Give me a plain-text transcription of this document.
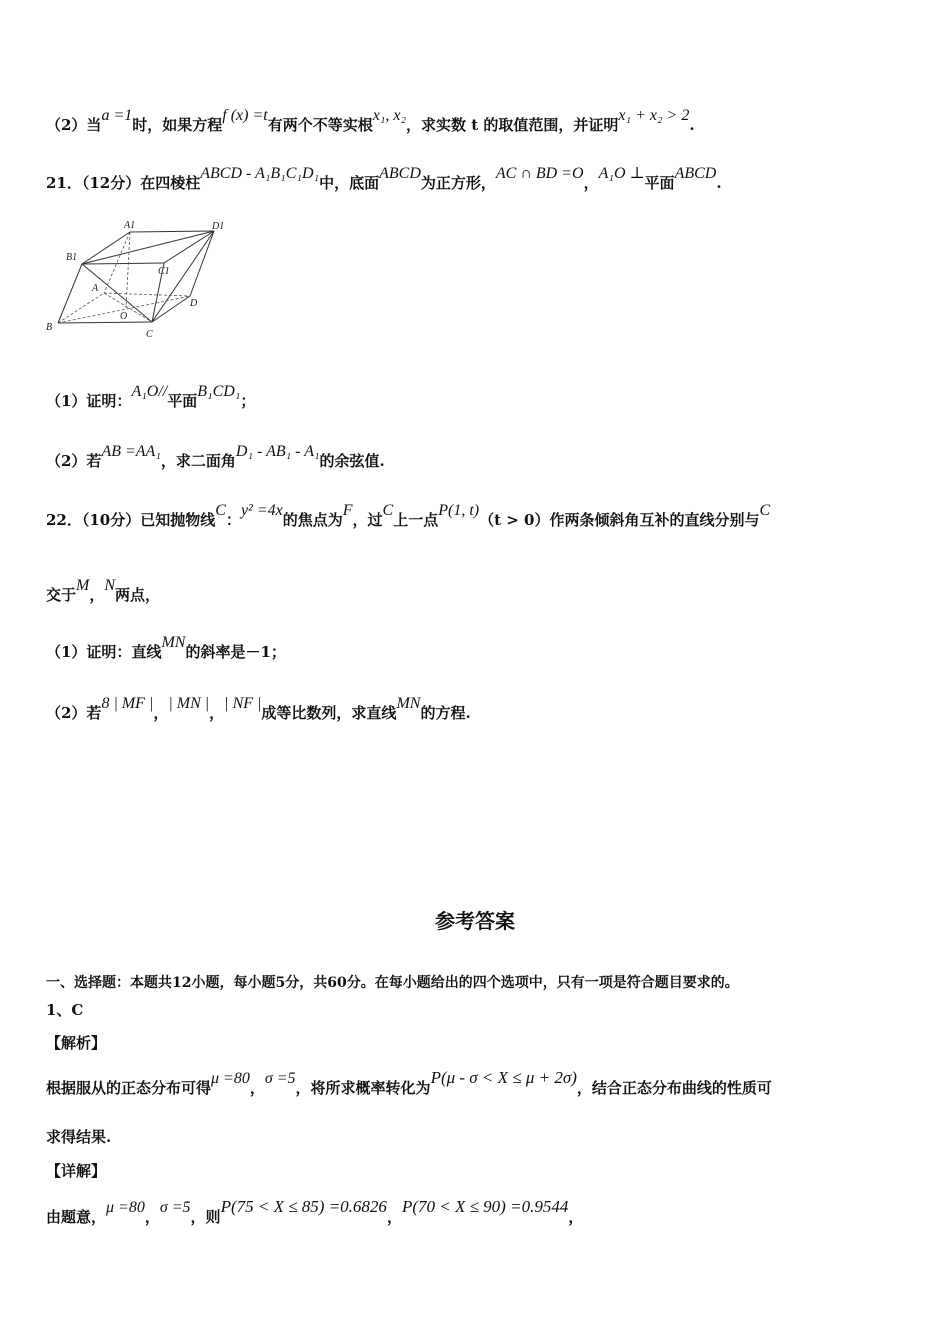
（2）当a =1时，如果方程f (x) =t有两个不等实根x₁, x₂，求实数 t 的取值范围，并证明x₁ + x₂ > 2.
21．（12分）在四棱柱ABCD - A₁B₁C₁D₁中，底面ABCD为正方形，AC ∩ BD =O，A₁O ⊥平面ABCD.
A1	D1
B1
C1
A
D
O
B
C
（1）证明：A₁O//平面B₁CD₁；
（2）若AB =AA₁，求二面角D₁ - AB₁ - A₁的余弦值.
22．（10分）已知抛物线C：y² =4x的焦点为F，过C上一点P(1, t)（t > 0）作两条倾斜角互补的直线分别与C
交于M，N两点，
（1）证明：直线MN的斜率是－1；
（2）若8 | MF |，| MN |，| NF |成等比数列，求直线MN的方程.
参考答案
一、选择题：本题共12小题，每小题5分，共60分。在每小题给出的四个选项中，只有一项是符合题目要求的。
1、C
【解析】
根据服从的正态分布可得μ =80，σ =5，将所求概率转化为P(μ - σ < X ≤ μ + 2σ)，结合正态分布曲线的性质可
求得结果.
【详解】
由题意，μ =80，σ =5，则P(75 < X ≤ 85) =0.6826，P(70 < X ≤ 90) =0.9544，
